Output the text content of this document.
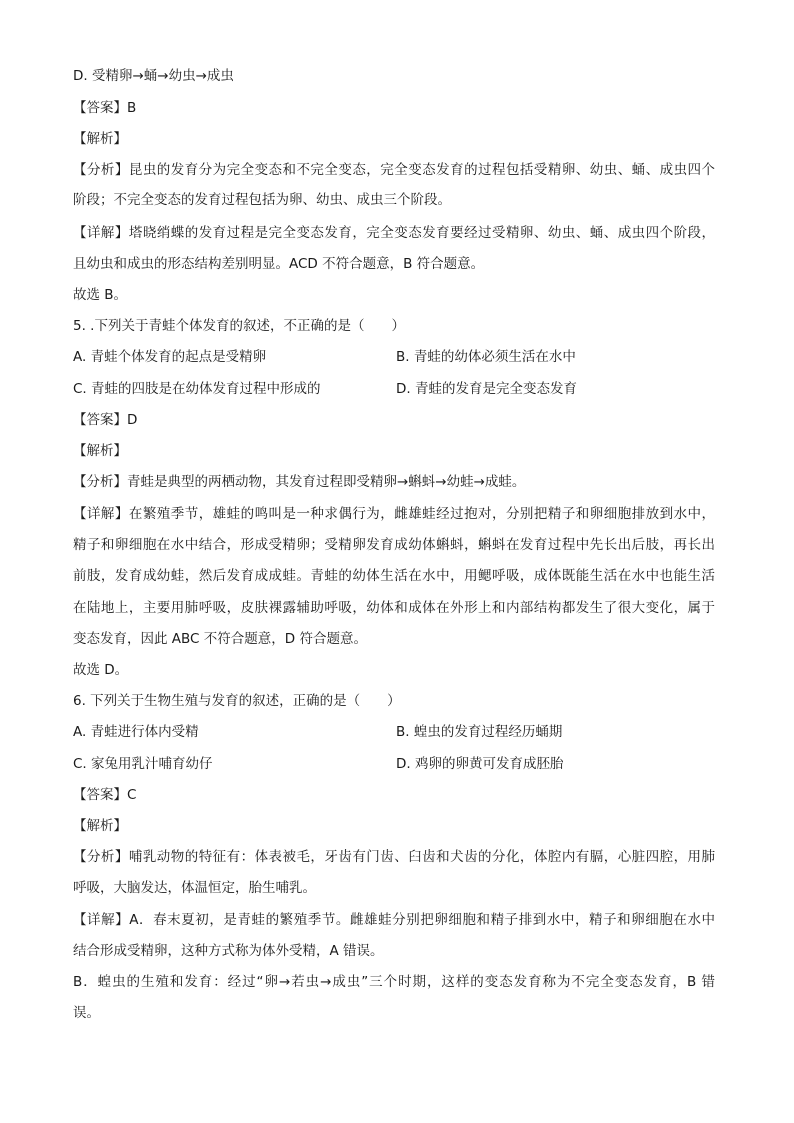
D. 受精卵→蛹→幼虫→成虫
【答案】B
【解析】
【分析】昆虫的发育分为完全变态和不完全变态，完全变态发育的过程包括受精卵、幼虫、蛹、成虫四个
阶段；不完全变态的发育过程包括为卵、幼虫、成虫三个阶段。
【详解】塔晓绡蝶的发育过程是完全变态发育，完全变态发育要经过受精卵、幼虫、蛹、成虫四个阶段，
且幼虫和成虫的形态结构差别明显。ACD 不符合题意，B 符合题意。
故选 B。
5. .下列关于青蛙个体发育的叙述，不正确的是（　　）
A. 青蛙个体发育的起点是受精卵	B. 青蛙的幼体必须生活在水中
C. 青蛙的四肢是在幼体发育过程中形成的	D. 青蛙的发育是完全变态发育
【答案】D
【解析】
【分析】青蛙是典型的两栖动物，其发育过程即受精卵→蝌蚪→幼蛙→成蛙。
【详解】在繁殖季节，雄蛙的鸣叫是一种求偶行为，雌雄蛙经过抱对，分别把精子和卵细胞排放到水中，
精子和卵细胞在水中结合，形成受精卵；受精卵发育成幼体蝌蚪，蝌蚪在发育过程中先长出后肢，再长出
前肢，发育成幼蛙，然后发育成成蛙。青蛙的幼体生活在水中，用鳃呼吸，成体既能生活在水中也能生活
在陆地上，主要用肺呼吸，皮肤裸露辅助呼吸，幼体和成体在外形上和内部结构都发生了很大变化，属于
变态发育，因此 ABC 不符合题意，D 符合题意。
故选 D。
6. 下列关于生物生殖与发育的叙述，正确的是（　　）
A. 青蛙进行体内受精	B. 蝗虫的发育过程经历蛹期
C. 家兔用乳汁哺育幼仔	D. 鸡卵的卵黄可发育成胚胎
【答案】C
【解析】
【分析】哺乳动物的特征有：体表被毛，牙齿有门齿、臼齿和犬齿的分化，体腔内有膈，心脏四腔，用肺
呼吸，大脑发达，体温恒定，胎生哺乳。
【详解】A．春末夏初，是青蛙的繁殖季节。雌雄蛙分别把卵细胞和精子排到水中，精子和卵细胞在水中
结合形成受精卵，这种方式称为体外受精，A 错误。
B．蝗虫的生殖和发育：经过“卵→若虫→成虫”三个时期，这样的变态发育称为不完全变态发育，B 错
误。
